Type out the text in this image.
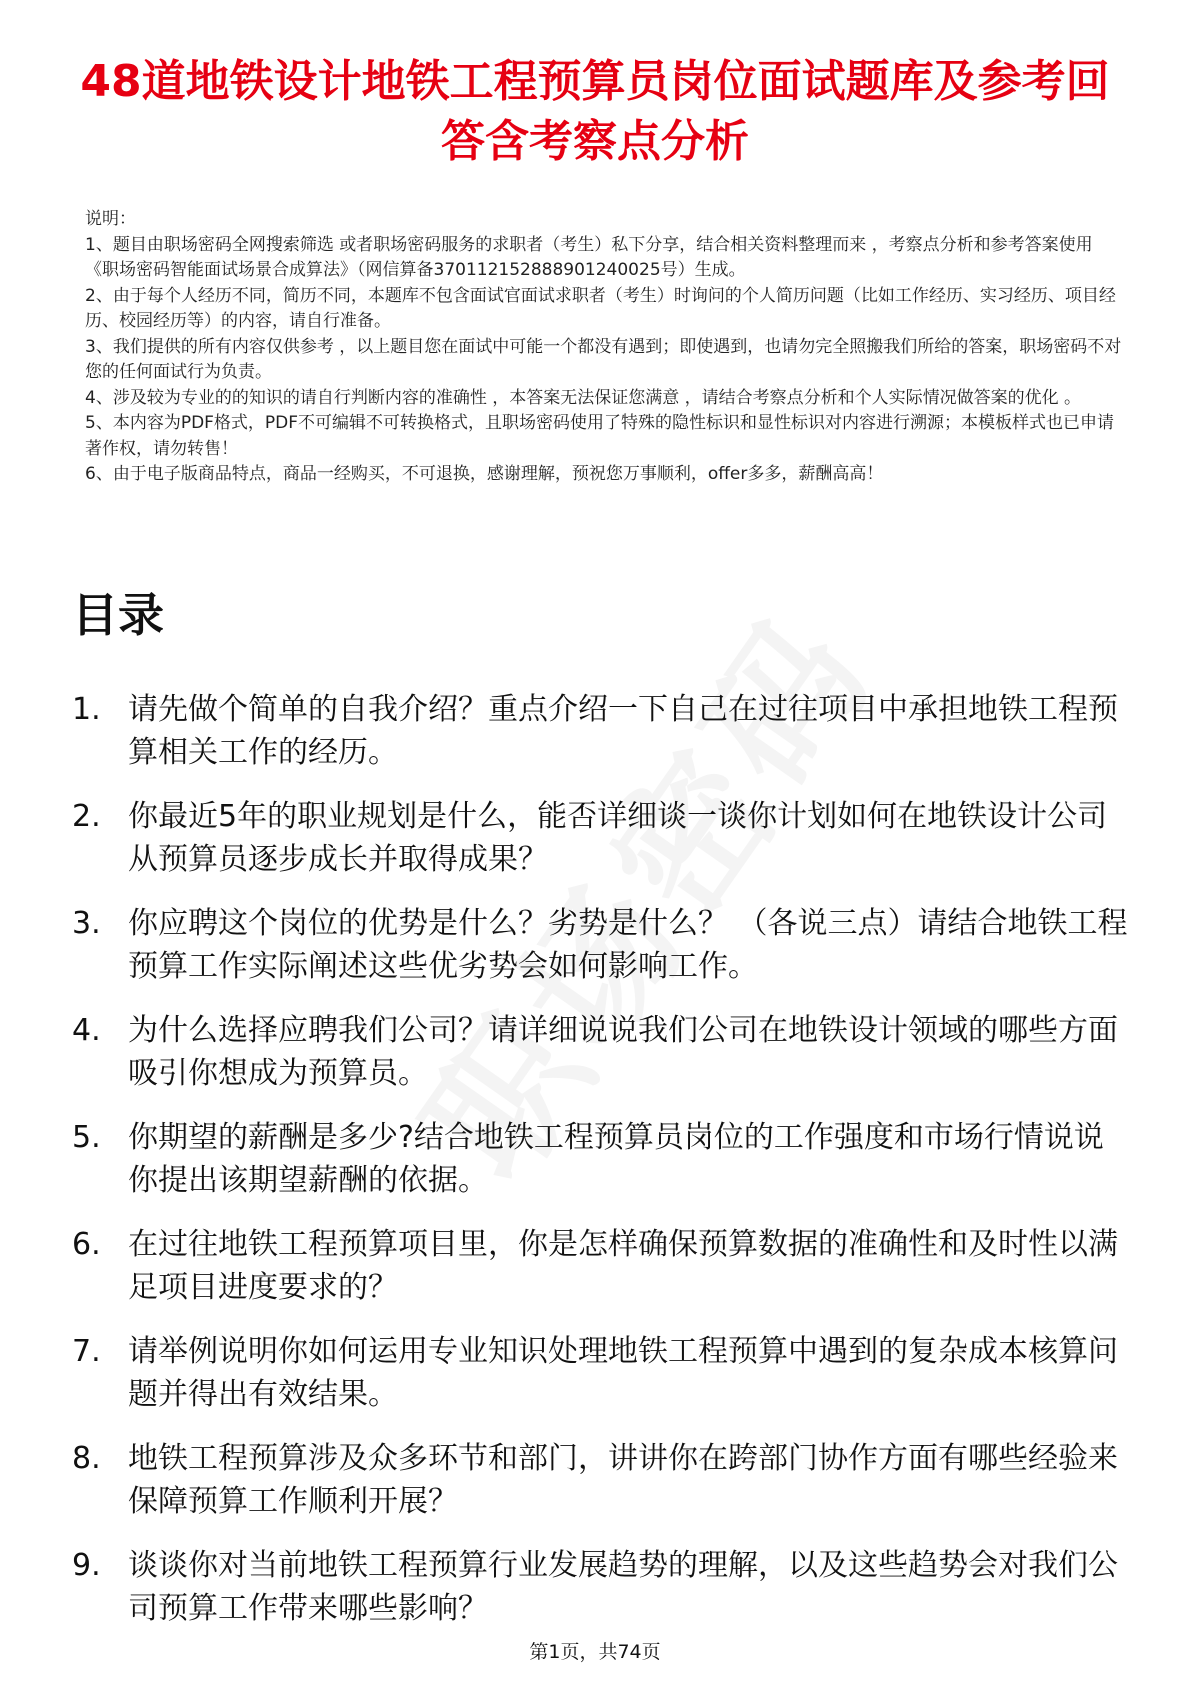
48道地铁设计地铁工程预算员岗位面试题库及参考回答含考察点分析

说明：

1、题目由职场密码全网搜索筛选 或者职场密码服务的求职者（考生）私下分享，结合相关资料整理而来 ，考察点分析和参考答案使用《职场密码智能面试场景合成算法》（网信算备370112152888901240025号）生成。

2、由于每个人经历不同，简历不同，本题库不包含面试官面试求职者（考生）时询问的个人简历问题（比如工作经历、实习经历、项目经历、校园经历等）的内容，请自行准备。

3、我们提供的所有内容仅供参考 ，以上题目您在面试中可能一个都没有遇到；即使遇到，也请勿完全照搬我们所给的答案，职场密码不对您的任何面试行为负责。

4、涉及较为专业的的知识的请自行判断内容的准确性 ，本答案无法保证您满意 ，请结合考察点分析和个人实际情况做答案的优化 。

5、本内容为PDF格式，PDF不可编辑不可转换格式，且职场密码使用了特殊的隐性标识和显性标识对内容进行溯源；本模板样式也已申请著作权，请勿转售！

6、由于电子版商品特点，商品一经购买，不可退换，感谢理解，预祝您万事顺利，offer多多，薪酬高高！

目录
1. 请先做个简单的自我介绍？重点介绍一下自己在过往项目中承担地铁工程预算相关工作的经历。
2. 你最近5年的职业规划是什么，能否详细谈一谈你计划如何在地铁设计公司从预算员逐步成长并取得成果？
3. 你应聘这个岗位的优势是什么？劣势是什么？ （各说三点）请结合地铁工程预算工作实际阐述这些优劣势会如何影响工作。
4. 为什么选择应聘我们公司？请详细说说我们公司在地铁设计领域的哪些方面吸引你想成为预算员。
5. 你期望的薪酬是多少?结合地铁工程预算员岗位的工作强度和市场行情说说你提出该期望薪酬的依据。
6. 在过往地铁工程预算项目里，你是怎样确保预算数据的准确性和及时性以满足项目进度要求的？
7. 请举例说明你如何运用专业知识处理地铁工程预算中遇到的复杂成本核算问题并得出有效结果。
8. 地铁工程预算涉及众多环节和部门，讲讲你在跨部门协作方面有哪些经验来保障预算工作顺利开展？
9. 谈谈你对当前地铁工程预算行业发展趋势的理解，以及这些趋势会对我们公司预算工作带来哪些影响？
第1页，共74页
